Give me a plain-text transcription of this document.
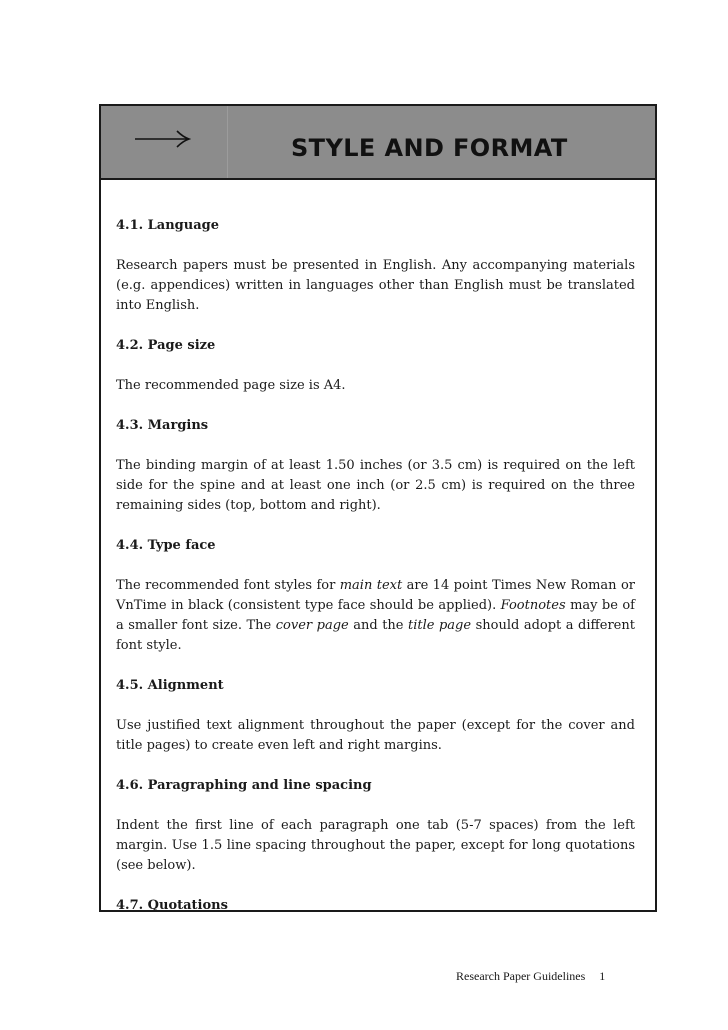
STYLE AND FORMAT

4.1. Language

Research papers must be presented in English. Any accompanying materials (e.g. appendices) written in languages other than English must be translated into English.

4.2. Page size

The recommended page size is A4.

4.3. Margins

The binding margin of at least 1.50 inches (or 3.5 cm) is required on the left side for the spine and at least one inch (or 2.5 cm) is required on the three remaining sides (top, bottom and right).

4.4. Type face

The recommended font styles for main text are 14 point Times New Roman or VnTime in black (consistent type face should be applied). Footnotes may be of a smaller font size. The cover page and the title page should adopt a different font style.

4.5. Alignment

Use justified text alignment throughout the paper (except for the cover and title pages) to create even left and right margins.

4.6. Paragraphing and line spacing

Indent the first line of each paragraph one tab (5-7 spaces) from the left margin. Use 1.5 line spacing throughout the paper, except for long quotations (see below).

4.7. Quotations

Research Paper Guidelines 1
